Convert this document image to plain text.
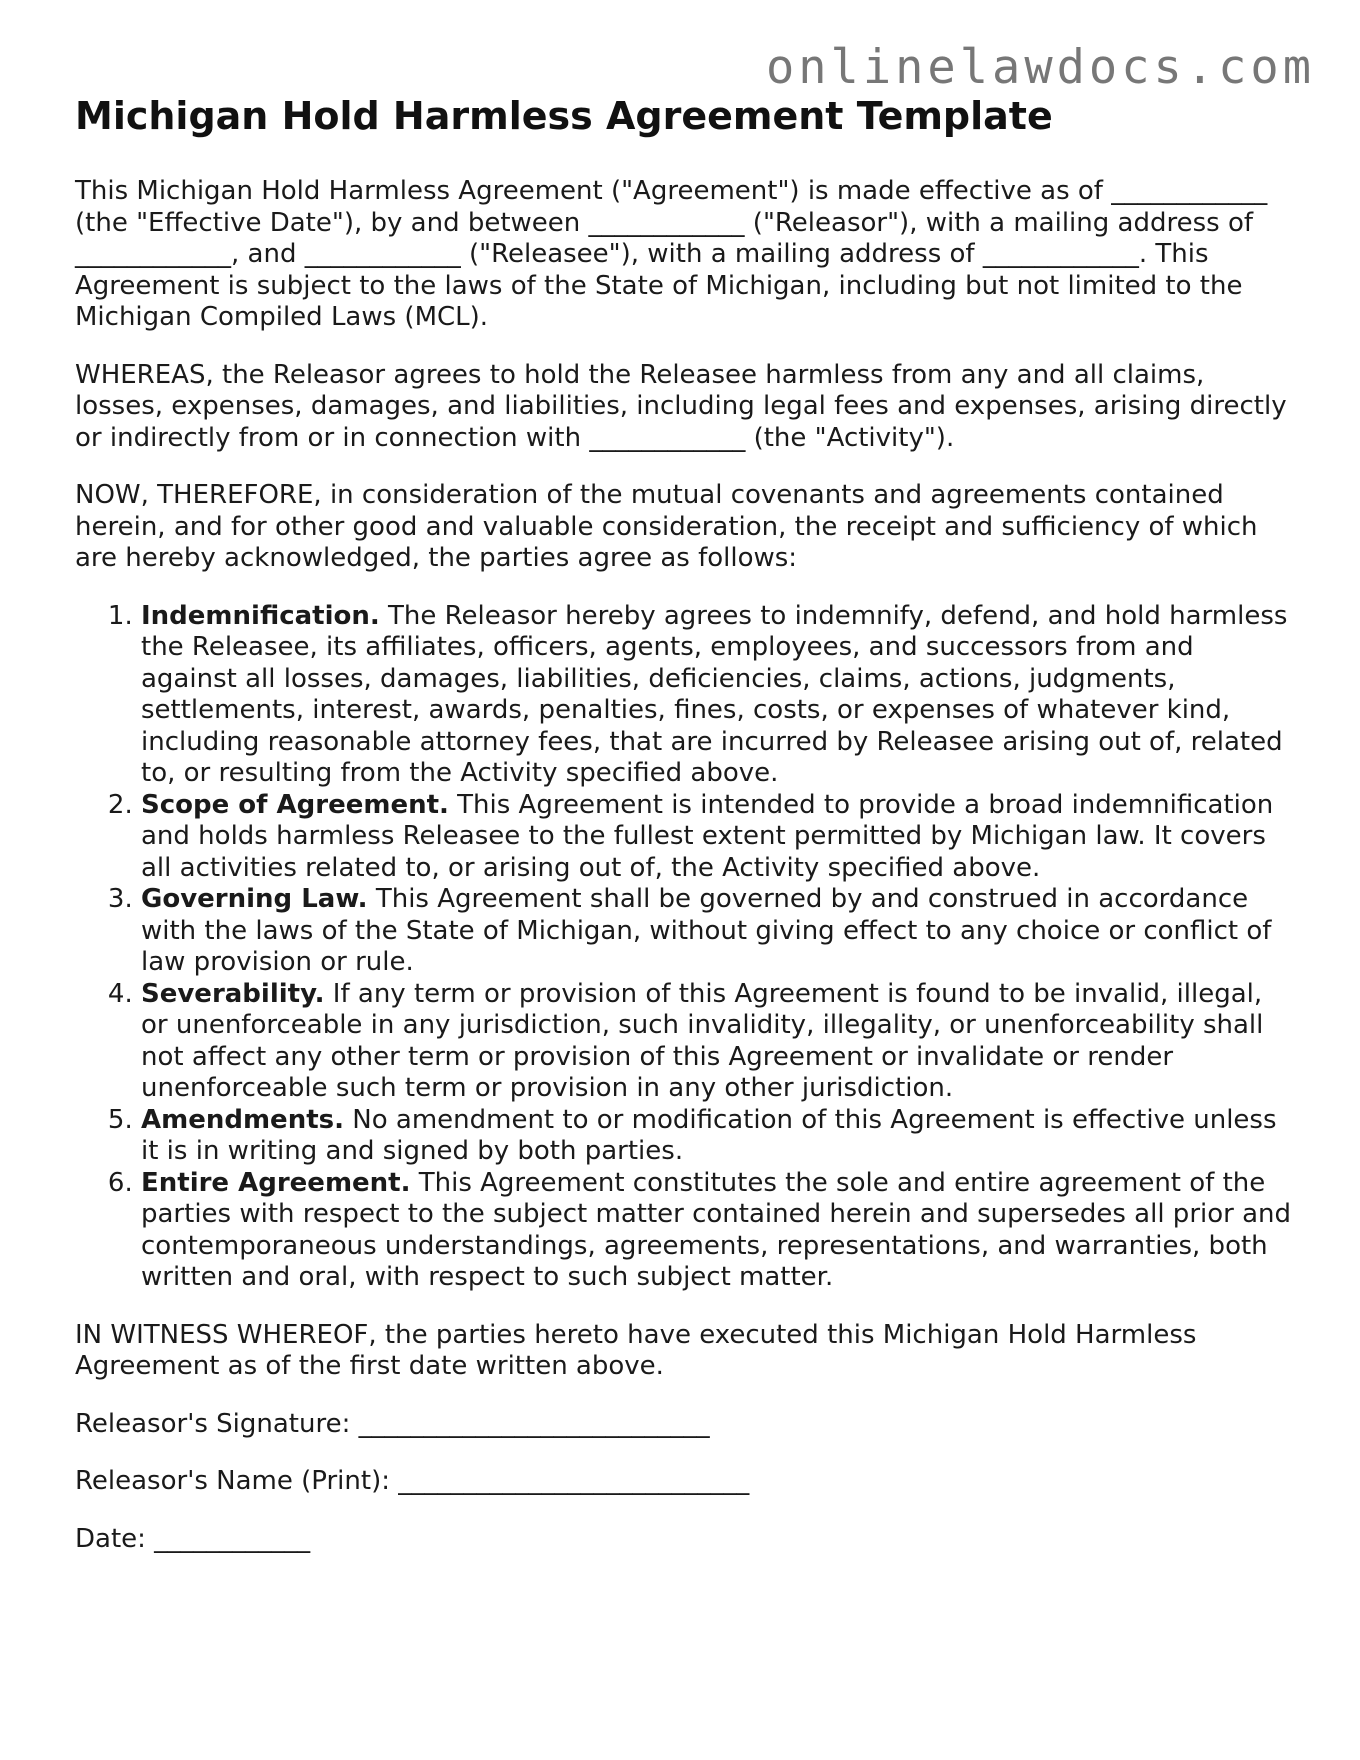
onlinelawdocs.com
Michigan Hold Harmless Agreement Template

This Michigan Hold Harmless Agreement ("Agreement") is made effective as of ____________ (the "Effective Date"), by and between ____________ ("Releasor"), with a mailing address of ____________, and ____________ ("Releasee"), with a mailing address of ____________. This Agreement is subject to the laws of the State of Michigan, including but not limited to the Michigan Compiled Laws (MCL).

WHEREAS, the Releasor agrees to hold the Releasee harmless from any and all claims, losses, expenses, damages, and liabilities, including legal fees and expenses, arising directly or indirectly from or in connection with ____________ (the "Activity").

NOW, THEREFORE, in consideration of the mutual covenants and agreements contained herein, and for other good and valuable consideration, the receipt and sufficiency of which are hereby acknowledged, the parties agree as follows:

1. Indemnification. The Releasor hereby agrees to indemnify, defend, and hold harmless the Releasee, its affiliates, officers, agents, employees, and successors from and against all losses, damages, liabilities, deficiencies, claims, actions, judgments, settlements, interest, awards, penalties, fines, costs, or expenses of whatever kind, including reasonable attorney fees, that are incurred by Releasee arising out of, related to, or resulting from the Activity specified above.
2. Scope of Agreement. This Agreement is intended to provide a broad indemnification and holds harmless Releasee to the fullest extent permitted by Michigan law. It covers all activities related to, or arising out of, the Activity specified above.
3. Governing Law. This Agreement shall be governed by and construed in accordance with the laws of the State of Michigan, without giving effect to any choice or conflict of law provision or rule.
4. Severability. If any term or provision of this Agreement is found to be invalid, illegal, or unenforceable in any jurisdiction, such invalidity, illegality, or unenforceability shall not affect any other term or provision of this Agreement or invalidate or render unenforceable such term or provision in any other jurisdiction.
5. Amendments. No amendment to or modification of this Agreement is effective unless it is in writing and signed by both parties.
6. Entire Agreement. This Agreement constitutes the sole and entire agreement of the parties with respect to the subject matter contained herein and supersedes all prior and contemporaneous understandings, agreements, representations, and warranties, both written and oral, with respect to such subject matter.

IN WITNESS WHEREOF, the parties hereto have executed this Michigan Hold Harmless Agreement as of the first date written above.

Releasor's Signature: ___________________________

Releasor's Name (Print): ___________________________

Date: ____________
